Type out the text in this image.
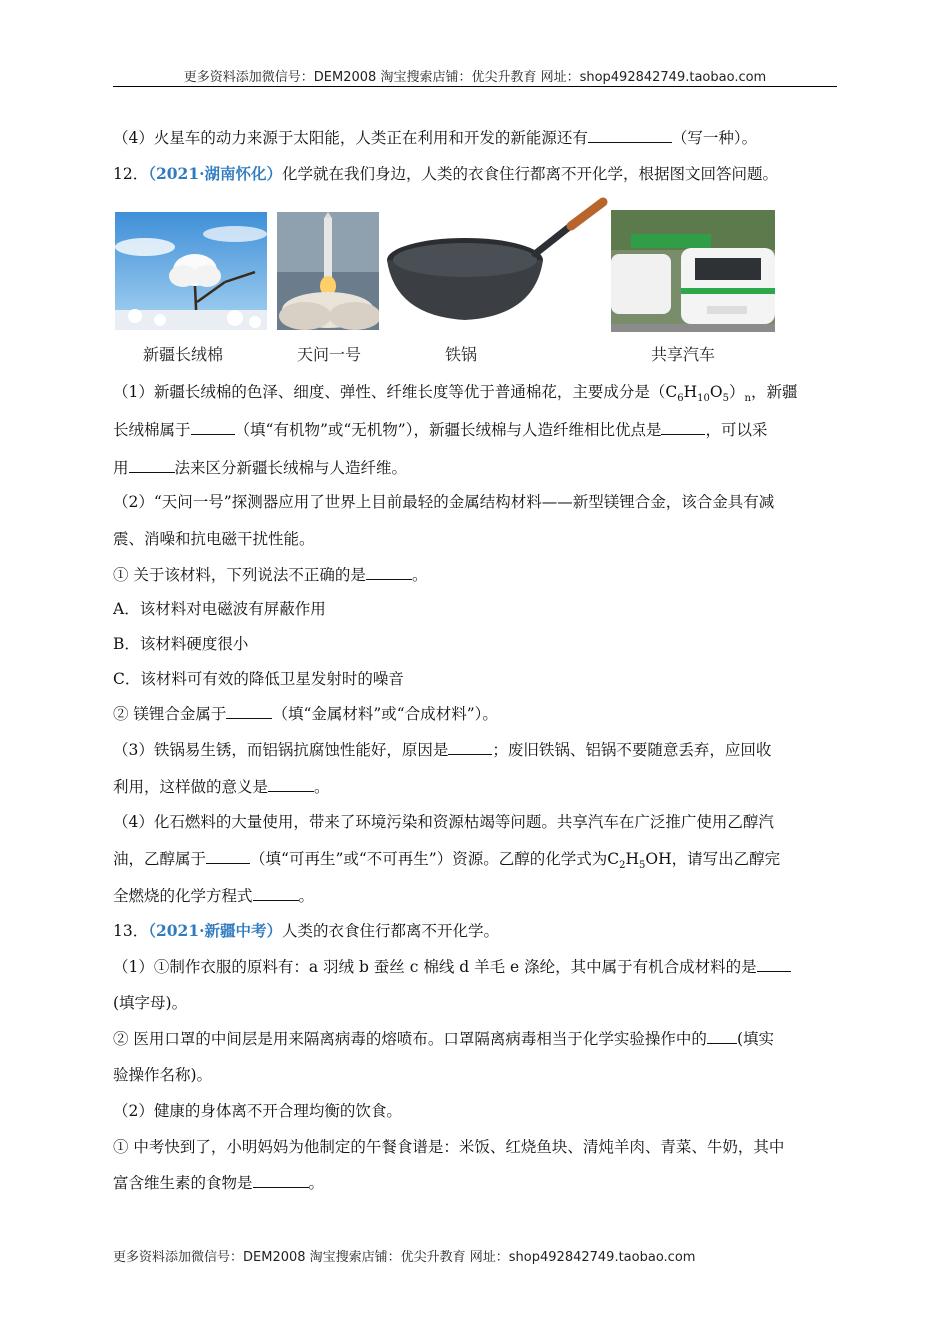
更多资料添加微信号：DEM2008 淘宝搜索店铺：优尖升教育 网址：shop492842749.taobao.com
（4）火星车的动力来源于太阳能，人类正在利用和开发的新能源还有	（写一种）。
12．（2021·湖南怀化）化学就在我们身边，人类的衣食住行都离不开化学，根据图文回答问题。
新疆长绒棉	天问一号	铁锅	共享汽车
（1）新疆长绒棉的色泽、细度、弹性、纤维长度等优于普通棉花，主要成分是$(C_6H_{10}O_5)_n$，新疆
长绒棉属于	（填“有机物”或“无机物”），新疆长绒棉与人造纤维相比优点是	，可以采
用	法来区分新疆长绒棉与人造纤维。
（2）“天问一号”探测器应用了世界上目前最轻的金属结构材料——新型镁锂合金，该合金具有减
震、消噪和抗电磁干扰性能。
① 关于该材料，下列说法不正确的是	。
A．该材料对电磁波有屏蔽作用
B．该材料硬度很小
C．该材料可有效的降低卫星发射时的噪音
② 镁锂合金属于	（填“金属材料”或“合成材料”）。
（3）铁锅易生锈，而铝锅抗腐蚀性能好，原因是	；废旧铁锅、铝锅不要随意丢弃，应回收
利用，这样做的意义是	。
（4）化石燃料的大量使用，带来了环境污染和资源枯竭等问题。共享汽车在广泛推广使用乙醇汽
油，乙醇属于	（填“可再生”或“不可再生”）资源。乙醇的化学式为$C_2H_5OH$，请写出乙醇完
全燃烧的化学方程式	。
13．（2021·新疆中考）人类的衣食住行都离不开化学。
（1）①制作衣服的原料有：a 羽绒 b 蚕丝 c 棉线 d 羊毛 e 涤纶，其中属于有机合成材料的是
(填字母)。
② 医用口罩的中间层是用来隔离病毒的熔喷布。口罩隔离病毒相当于化学实验操作中的 (填实
验操作名称)。
（2）健康的身体离不开合理均衡的饮食。
① 中考快到了，小明妈妈为他制定的午餐食谱是：米饭、红烧鱼块、清炖羊肉、青菜、牛奶，其中
富含维生素的食物是	。
更多资料添加微信号：DEM2008 淘宝搜索店铺：优尖升教育 网址：shop492842749.taobao.com
